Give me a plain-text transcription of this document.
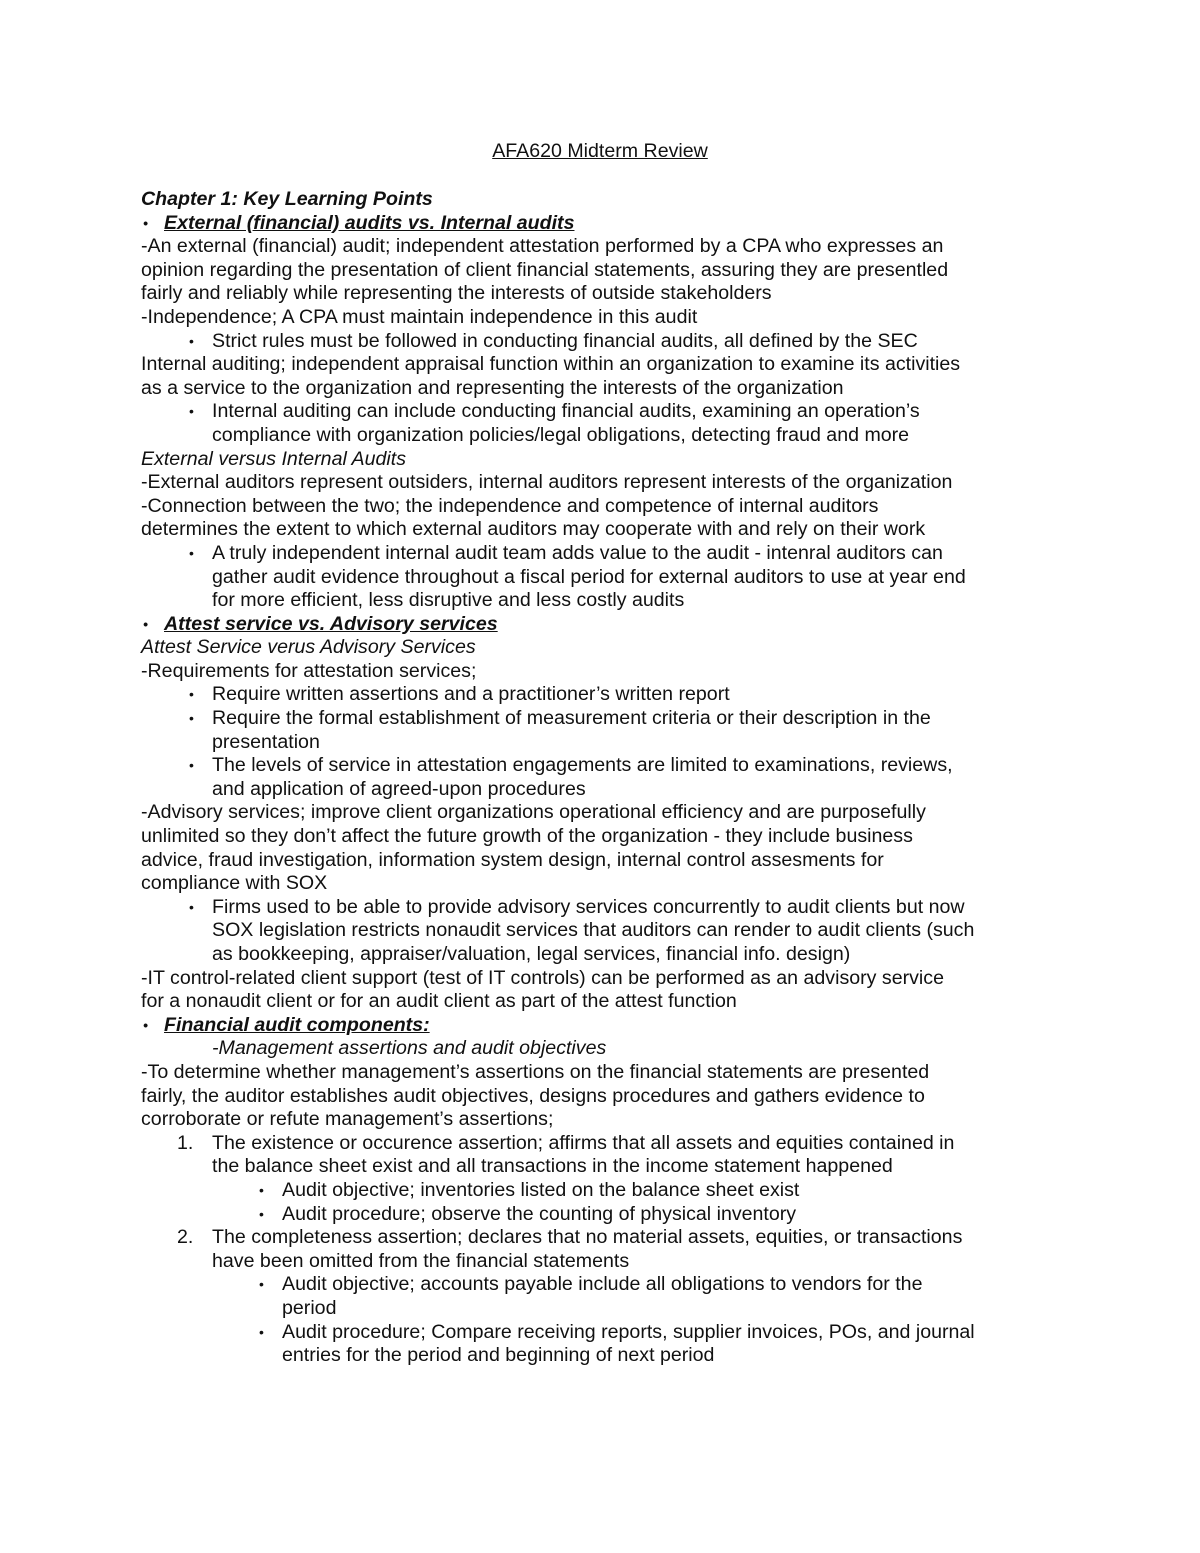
AFA620 Midterm Review
Chapter 1: Key Learning Points
• External (financial) audits vs. Internal audits
-An external (financial) audit; independent attestation performed by a CPA who expresses an
opinion regarding the presentation of client financial statements, assuring they are presentled
fairly and reliably while representing the interests of outside stakeholders
-Independence; A CPA must maintain independence in this audit
• Strict rules must be followed in conducting financial audits, all defined by the SEC
Internal auditing; independent appraisal function within an organization to examine its activities
as a service to the organization and representing the interests of the organization
• Internal auditing can include conducting financial audits, examining an operation’s
compliance with organization policies/legal obligations, detecting fraud and more
External versus Internal Audits
-External auditors represent outsiders, internal auditors represent interests of the organization
-Connection between the two; the independence and competence of internal auditors
determines the extent to which external auditors may cooperate with and rely on their work
• A truly independent internal audit team adds value to the audit - intenral auditors can
gather audit evidence throughout a fiscal period for external auditors to use at year end
for more efficient, less disruptive and less costly audits
• Attest service vs. Advisory services
Attest Service verus Advisory Services
-Requirements for attestation services;
• Require written assertions and a practitioner’s written report
• Require the formal establishment of measurement criteria or their description in the
presentation
• The levels of service in attestation engagements are limited to examinations, reviews,
and application of agreed-upon procedures
-Advisory services; improve client organizations operational efficiency and are purposefully
unlimited so they don’t affect the future growth of the organization - they include business
advice, fraud investigation, information system design, internal control assesments for
compliance with SOX
• Firms used to be able to provide advisory services concurrently to audit clients but now
SOX legislation restricts nonaudit services that auditors can render to audit clients (such
as bookkeeping, appraiser/valuation, legal services, financial info. design)
-IT control-related client support (test of IT controls) can be performed as an advisory service
for a nonaudit client or for an audit client as part of the attest function
• Financial audit components:
-Management assertions and audit objectives
-To determine whether management’s assertions on the financial statements are presented
fairly, the auditor establishes audit objectives, designs procedures and gathers evidence to
corroborate or refute management’s assertions;
1. The existence or occurence assertion; affirms that all assets and equities contained in
the balance sheet exist and all transactions in the income statement happened
• Audit objective; inventories listed on the balance sheet exist
• Audit procedure; observe the counting of physical inventory
2. The completeness assertion; declares that no material assets, equities, or transactions
have been omitted from the financial statements
• Audit objective; accounts payable include all obligations to vendors for the
period
• Audit procedure; Compare receiving reports, supplier invoices, POs, and journal
entries for the period and beginning of next period
